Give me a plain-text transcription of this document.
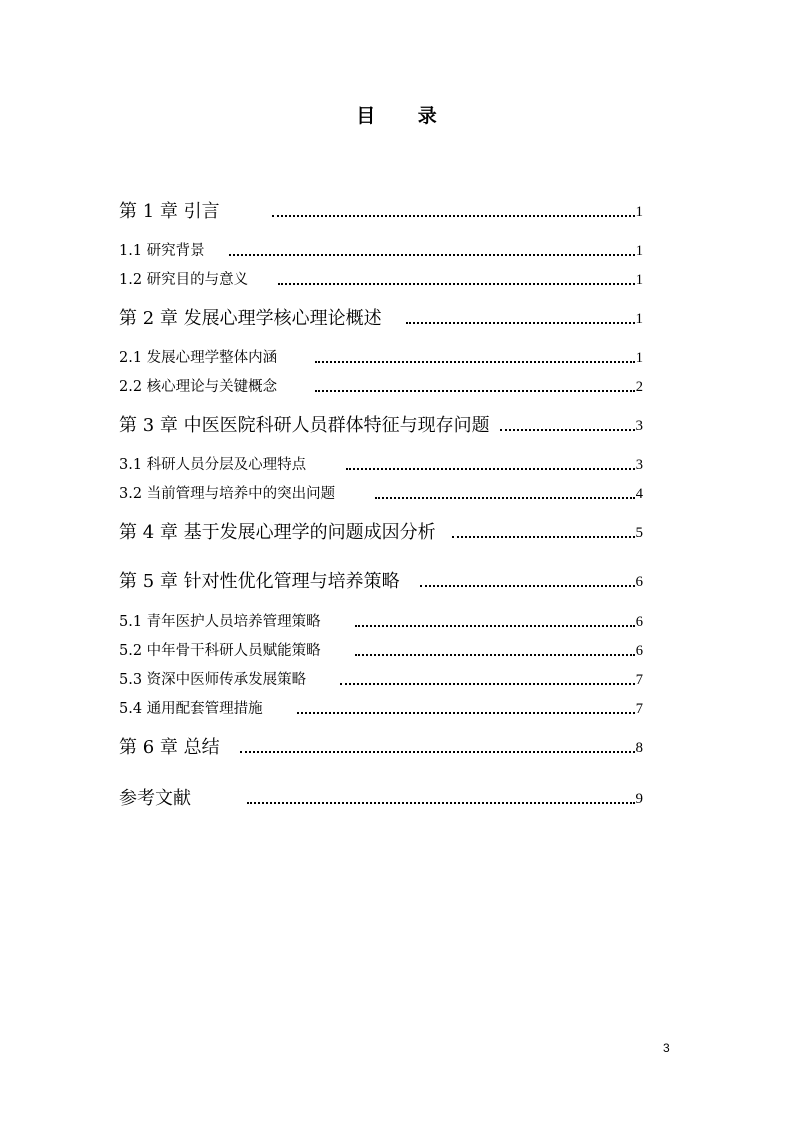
目 录
第 1 章 引言	1
1.1 研究背景	1
1.2 研究目的与意义	1
第 2 章 发展心理学核心理论概述	1
2.1 发展心理学整体内涵	1
2.2 核心理论与关键概念	2
第 3 章 中医医院科研人员群体特征与现存问题	3
3.1 科研人员分层及心理特点	3
3.2 当前管理与培养中的突出问题	4
第 4 章 基于发展心理学的问题成因分析	5
第 5 章 针对性优化管理与培养策略	6
5.1 青年医护人员培养管理策略	6
5.2 中年骨干科研人员赋能策略	6
5.3 资深中医师传承发展策略	7
5.4 通用配套管理措施	7
第 6 章 总结	8
参考文献	9
3
